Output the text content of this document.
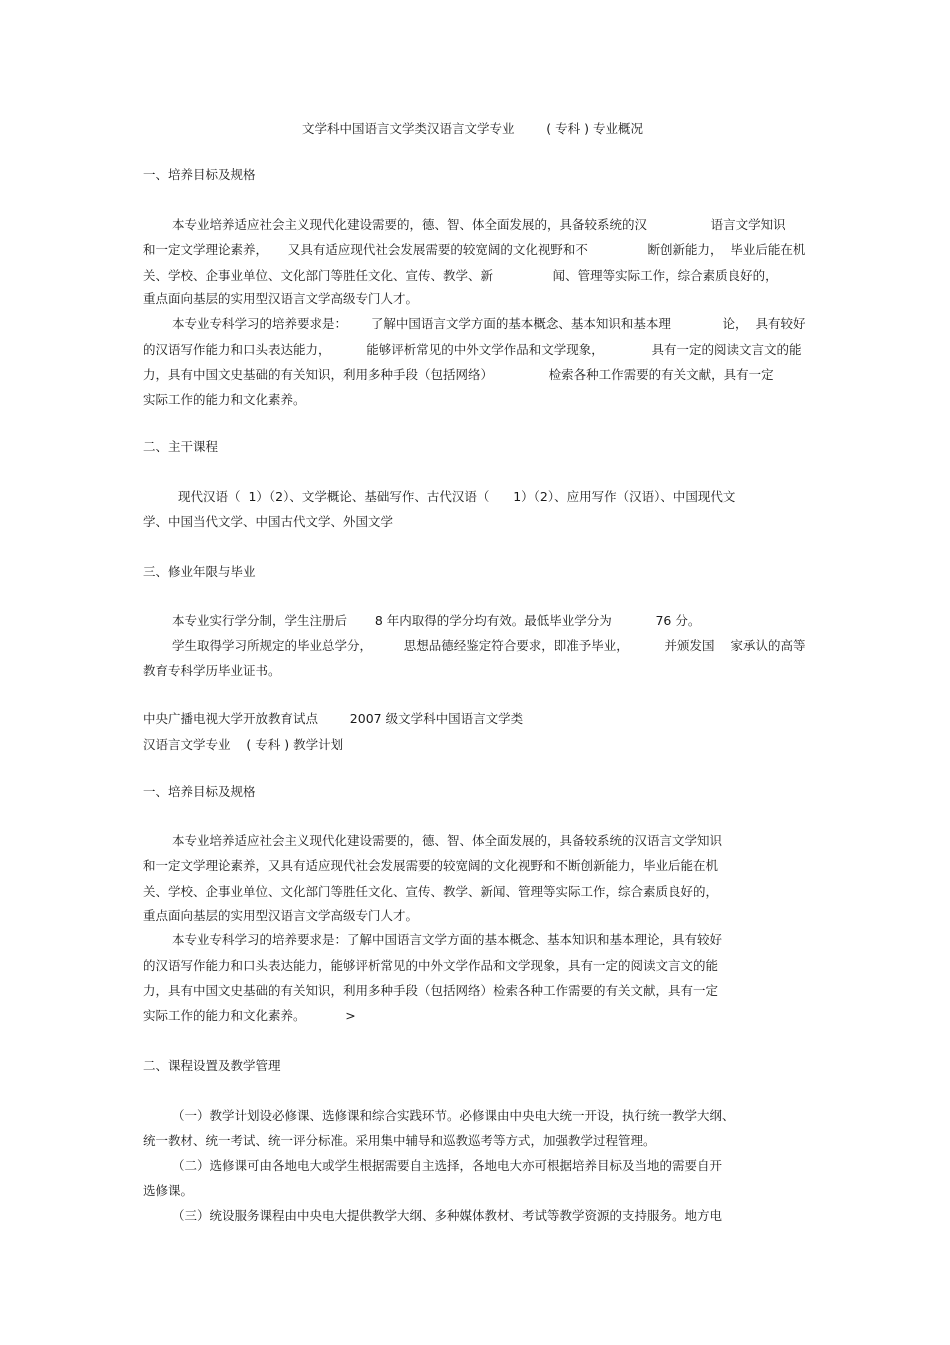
文学科中国语言文学类汉语言文学专业        ( 专科 ) 专业概况

一、培养目标及规格

本专业培养适应社会主义现代化建设需要的，德、智、体全面发展的，具备较系统的汉                语言文学知识

和一定文学理论素养，     又具有适应现代社会发展需要的较宽阔的文化视野和不               断创新能力，  毕业后能在机

关、学校、企事业单位、文化部门等胜任文化、宣传、教学、新               闻、管理等实际工作，综合素质良好的，

重点面向基层的实用型汉语言文学高级专门人才。

本专业专科学习的培养要求是：      了解中国语言文学方面的基本概念、基本知识和基本理             论，  具有较好

的汉语写作能力和口头表达能力，         能够评析常见的中外文学作品和文学现象，            具有一定的阅读文言文的能

力，具有中国文史基础的有关知识，利用多种手段（包括网络）              检索各种工作需要的有关文献，具有一定

实际工作的能力和文化素养。

二、主干课程

现代汉语（  1）（2）、文学概论、基础写作、古代汉语（      1）（2）、应用写作（汉语）、中国现代文

学、中国当代文学、中国古代文学、外国文学

三、修业年限与毕业

本专业实行学分制，学生注册后       8 年内取得的学分均有效。最低毕业学分为           76 分。

学生取得学习所规定的毕业总学分，        思想品德经鉴定符合要求，即准予毕业，         并颁发国    家承认的高等

教育专科学历毕业证书。

中央广播电视大学开放教育试点        2007 级文学科中国语言文学类

汉语言文学专业    ( 专科 ) 教学计划

一、培养目标及规格

本专业培养适应社会主义现代化建设需要的，德、智、体全面发展的，具备较系统的汉语言文学知识

和一定文学理论素养，又具有适应现代社会发展需要的较宽阔的文化视野和不断创新能力，毕业后能在机

关、学校、企事业单位、文化部门等胜任文化、宣传、教学、新闻、管理等实际工作，综合素质良好的，

重点面向基层的实用型汉语言文学高级专门人才。

本专业专科学习的培养要求是：了解中国语言文学方面的基本概念、基本知识和基本理论，具有较好

的汉语写作能力和口头表达能力，能够评析常见的中外文学作品和文学现象，具有一定的阅读文言文的能

力，具有中国文史基础的有关知识，利用多种手段（包括网络）检索各种工作需要的有关文献，具有一定

实际工作的能力和文化素养。          >

二、课程设置及教学管理

（一）教学计划设必修课、选修课和综合实践环节。必修课由中央电大统一开设，执行统一教学大纲、

统一教材、统一考试、统一评分标准。采用集中辅导和巡教巡考等方式，加强教学过程管理。

（二）选修课可由各地电大或学生根据需要自主选择，各地电大亦可根据培养目标及当地的需要自开

选修课。

（三）统设服务课程由中央电大提供教学大纲、多种媒体教材、考试等教学资源的支持服务。地方电
